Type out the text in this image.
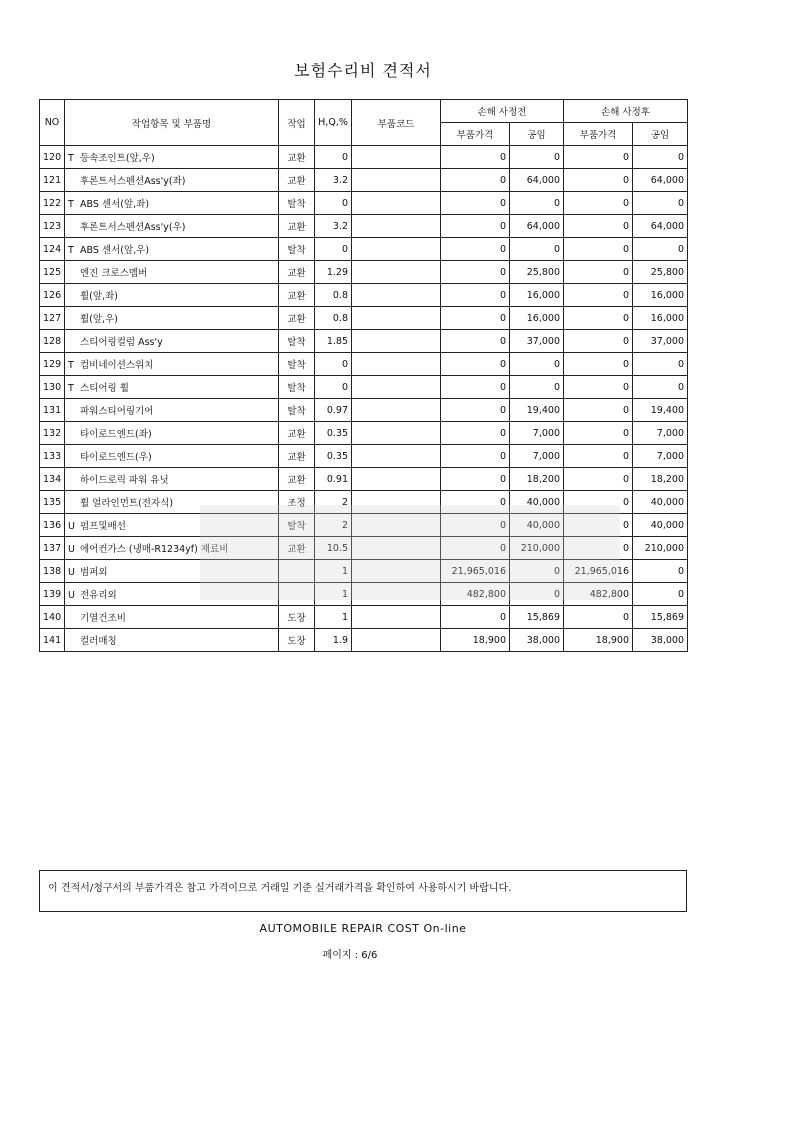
보험수리비 견적서
NO	작업항목 및 부품명	작업	H,Q,%	부품코드	손해 사정전		손해 사정후	
					부품가격	공임	부품가격	공임
120	T 등속조인트(앞,우)	교환	0		0	0	0	0
121	후론트서스펜션Ass'y(좌)	교환	3.2		0	64,000	0	64,000
122	T ABS 센서(앞,좌)	탈착	0		0	0	0	0
123	후론트서스펜션Ass'y(우)	교환	3.2		0	64,000	0	64,000
124	T ABS 센서(앞,우)	탈착	0		0	0	0	0
125	엔진 크로스멤버	교환	1.29		0	25,800	0	25,800
126	휠(앞,좌)	교환	0.8		0	16,000	0	16,000
127	휠(앞,우)	교환	0.8		0	16,000	0	16,000
128	스티어링컬럼 Ass'y	탈착	1.85		0	37,000	0	37,000
129	T 컴비네이션스위치	탈착	0		0	0	0	0
130	T 스티어링 휠	탈착	0		0	0	0	0
131	파워스티어링기어	탈착	0.97		0	19,400	0	19,400
132	타이로드엔드(좌)	교환	0.35		0	7,000	0	7,000
133	타이로드엔드(우)	교환	0.35		0	7,000	0	7,000
134	하이드로릭 파워 유닛	교환	0.91		0	18,200	0	18,200
135	휠 얼라인먼트(전자식)	조정	2		0	40,000	0	40,000
136	U 펌프및배선	탈착	2		0	40,000	0	40,000
137	U 에어컨가스 (냉매-R1234yf) 재료비	교환	10.5		0	210,000	0	210,000
138	U 범퍼외		1		21,965,016	0	21,965,016	0
139	U 전유리외		1		482,800	0	482,800	0
140	기열건조비	도장	1		0	15,869	0	15,869
141	컬러매칭	도장	1.9		18,900	38,000	18,900	38,000
이 견적서/청구서의 부품가격은 참고 가격이므로 거래일 기준 실거래가격을 확인하여 사용하시기 바랍니다.
AUTOMOBILE REPAIR COST On-line
페이지 : 6/6
